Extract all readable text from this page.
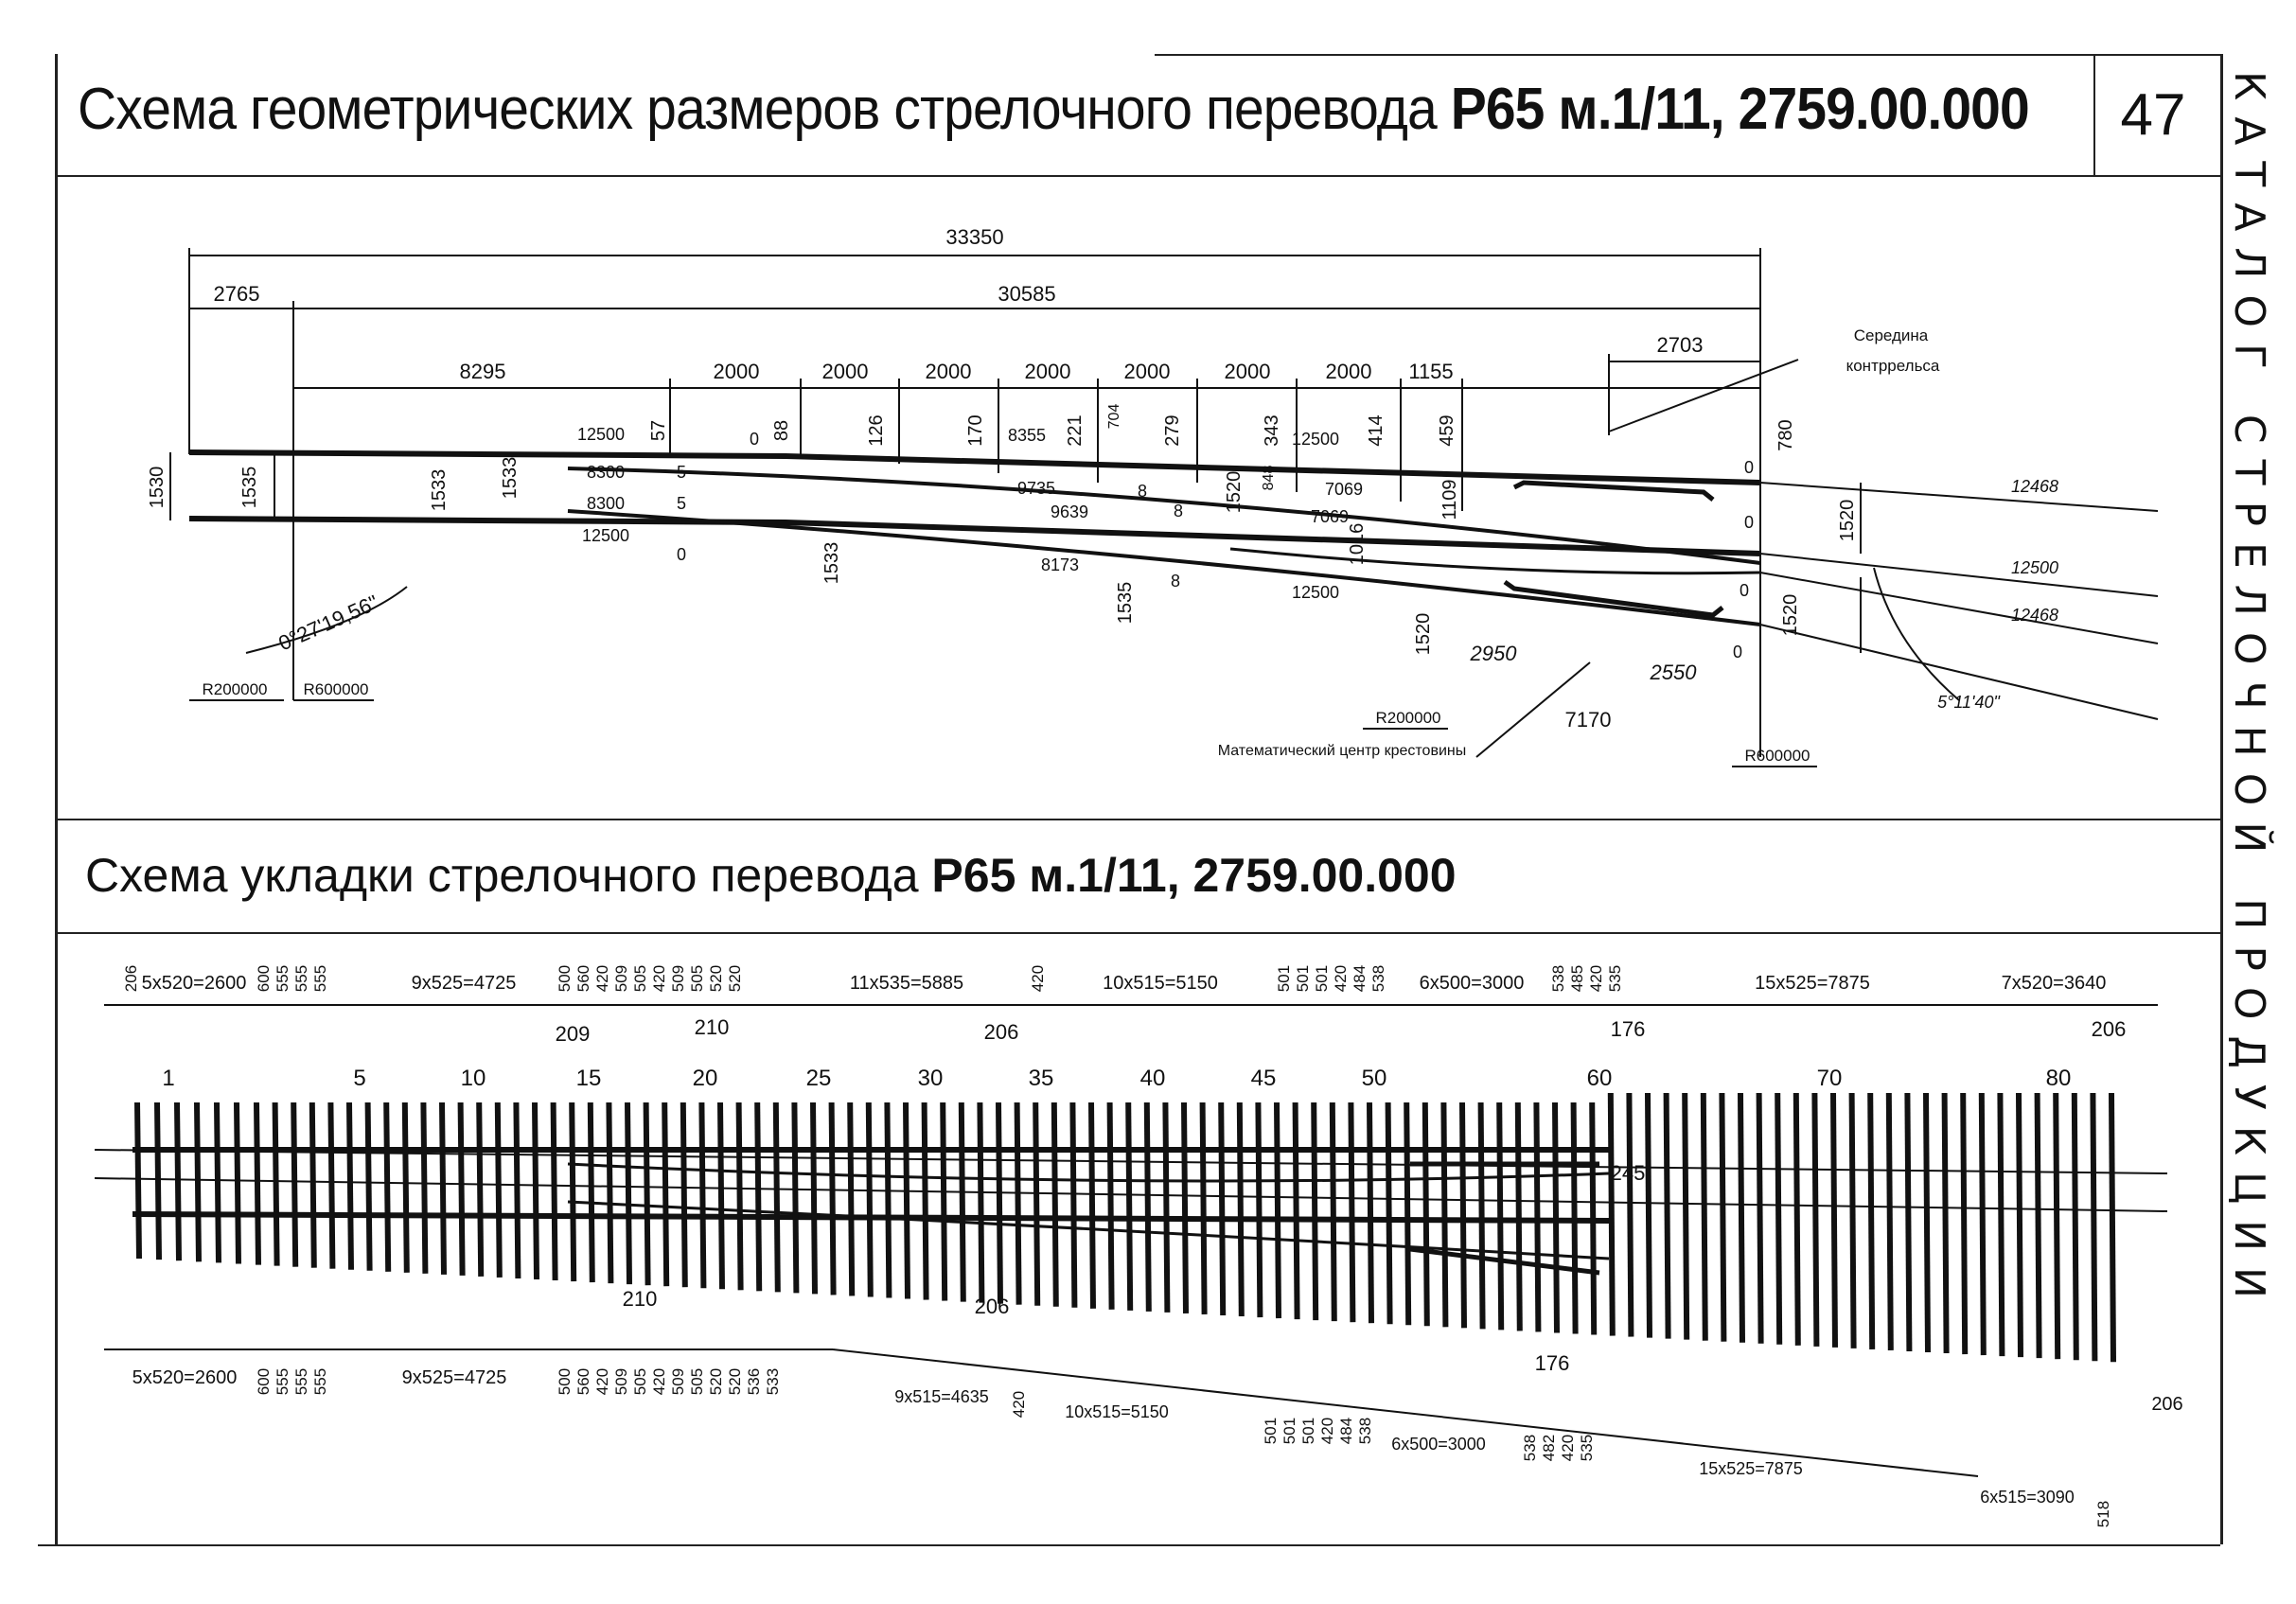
Схема геометрических размеров стрелочного перевода Р65 м.1/11, 2759.00.000	47
Схема укладки стрелочного перевода Р65 м.1/11, 2759.00.000	КАТАЛОГ СТРЕЛОЧНОЙ ПРОДУКЦИИ
33350
2765	30585
8295	2000	2000	2000	2000	2000	2000	2000 1155
2703	Середина
контррельса
12500
8300
8300
12500
8355
9735
9639
8173
12500
7069
7069
12500
12468
12500
12468
0
0
5
5
8
8
8
0
0
0
0
2950
2550
7170
5°11'40"
R200000 R600000
R200000
R600000
Математический центр крестовины
57	88	126	170	221	279	343	414	459
704
1530	1535	1533	1533
1533
1535
1520
1520
1520
1520
780
848
1109
1016
0°27'19,56"
5x520=2600	9x525=4725	11x535=5885	10x515=5150	6x500=3000	15x525=7875	7x520=3640
1	5	10	15	20	25	30	35	40	45	50	60	70	80
209	210	206	176	206
245
210	206
176
206
5x520=2600	9x525=4725
9x515=4635
10x515=5150
6x500=3000
15x525=7875
6x515=3090
206	600 555 555 555	500 560 420 509 505 420 509 505 520 520	420	501 501 501 420 484 538	538 485 420 535
600 555 555 555	500 560 420 509 505 420 509 505 520 520 536 533
420
501 501 501 420 484 538
538 482 420 535
518
